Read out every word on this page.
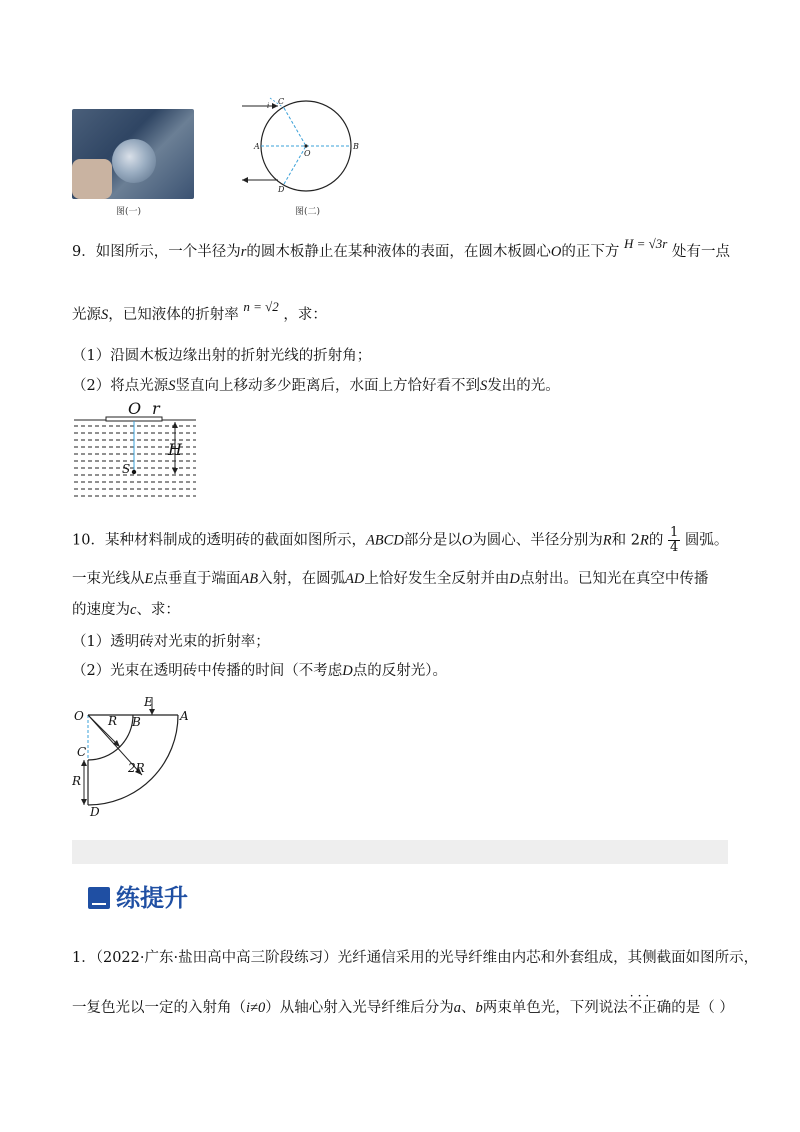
图(一)
C
i
A	B
O
D
图(二)
9．如图所示，一个半径为r的圆木板静止在某种液体的表面，在圆木板圆心O的正下方 H = √3r 处有一点
光源S，已知液体的折射率 n = √2 ，求：
（1）沿圆木板边缘出射的折射光线的折射角；
（2）将点光源S竖直向上移动多少距离后，水面上方恰好看不到S发出的光。
O r
H
S
10．某种材料制成的透明砖的截面如图所示，ABCD部分是以O为圆心、半径分别为R和 2R的 $\frac{1}{4}$ 圆弧。
一束光线从E点垂直于端面AB入射，在圆弧AD上恰好发生全反射并由D点射出。已知光在真空中传播
的速度为c、求：
（1）透明砖对光束的折射率；
（2）光束在透明砖中传播的时间（不考虑D点的反射光）。
O R B
E
A
C
2R
R
D
练提升
1．（2022·广东·盐田高中高三阶段练习）光纤通信采用的光导纤维由内芯和外套组成，其侧截面如图所示，
一复色光以一定的入射角（i≠0）从轴心射入光导纤维后分为a、b两束单色光，下列说法
···
不正确的是（ ）
